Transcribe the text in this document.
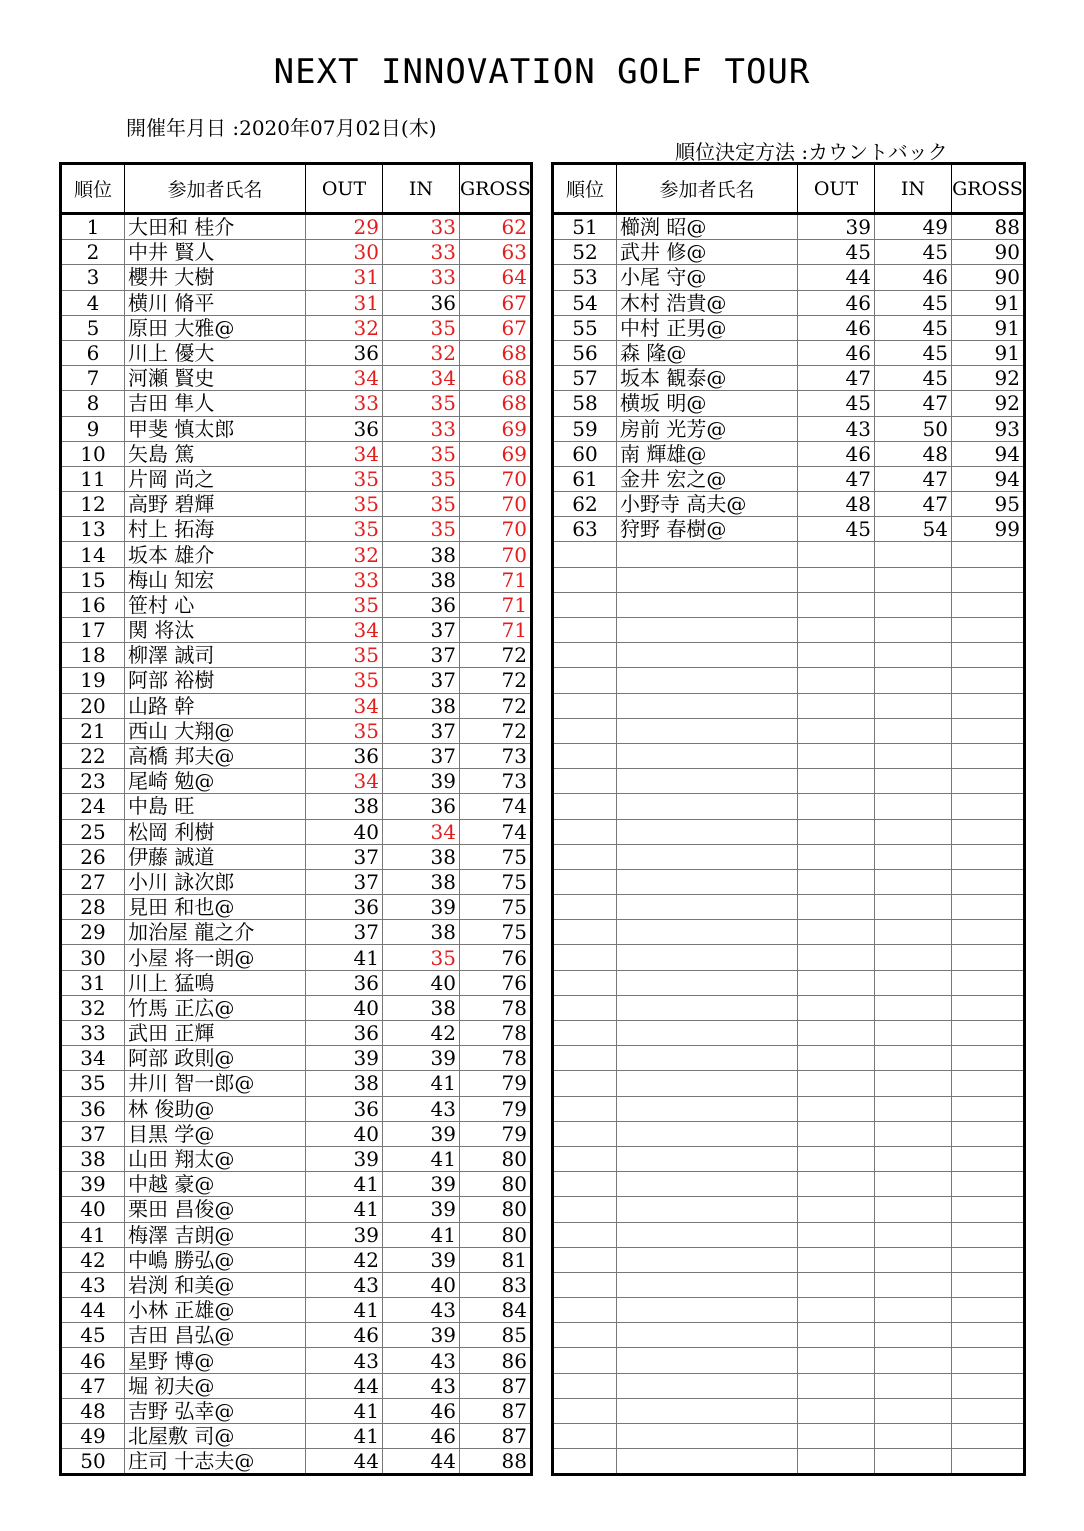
NEXT INNOVATION GOLF TOUR
開催年月日 :2020年07月02日(木)
順位決定方法 :カウントバック
順位	参加者氏名	OUT	IN	GROSS
1	大田和 桂介	29	33	62
2	中井 賢人	30	33	63
3	櫻井 大樹	31	33	64
4	横川 脩平	31	36	67
5	原田 大雅@	32	35	67
6	川上 優大	36	32	68
7	河瀬 賢史	34	34	68
8	吉田 隼人	33	35	68
9	甲斐 慎太郎	36	33	69
10	矢島 篤	34	35	69
11	片岡 尚之	35	35	70
12	高野 碧輝	35	35	70
13	村上 拓海	35	35	70
14	坂本 雄介	32	38	70
15	梅山 知宏	33	38	71
16	笹村 心	35	36	71
17	関 将汰	34	37	71
18	柳澤 誠司	35	37	72
19	阿部 裕樹	35	37	72
20	山路 幹	34	38	72
21	西山 大翔@	35	37	72
22	高橋 邦夫@	36	37	73
23	尾崎 勉@	34	39	73
24	中島 旺	38	36	74
25	松岡 利樹	40	34	74
26	伊藤 誠道	37	38	75
27	小川 詠次郎	37	38	75
28	見田 和也@	36	39	75
29	加治屋 龍之介	37	38	75
30	小屋 将一朗@	41	35	76
31	川上 猛鳴	36	40	76
32	竹馬 正広@	40	38	78
33	武田 正輝	36	42	78
34	阿部 政則@	39	39	78
35	井川 智一郎@	38	41	79
36	林 俊助@	36	43	79
37	目黒 学@	40	39	79
38	山田 翔太@	39	41	80
39	中越 豪@	41	39	80
40	栗田 昌俊@	41	39	80
41	梅澤 吉朗@	39	41	80
42	中嶋 勝弘@	42	39	81
43	岩渕 和美@	43	40	83
44	小林 正雄@	41	43	84
45	吉田 昌弘@	46	39	85
46	星野 博@	43	43	86
47	堀 初夫@	44	43	87
48	吉野 弘幸@	41	46	87
49	北屋敷 司@	41	46	87
50	庄司 十志夫@	44	44	88
順位	参加者氏名	OUT	IN	GROSS
51	櫛渕 昭@	39	49	88
52	武井 修@	45	45	90
53	小尾 守@	44	46	90
54	木村 浩貴@	46	45	91
55	中村 正男@	46	45	91
56	森 隆@	46	45	91
57	坂本 観泰@	47	45	92
58	横坂 明@	45	47	92
59	房前 光芳@	43	50	93
60	南 輝雄@	46	48	94
61	金井 宏之@	47	47	94
62	小野寺 高夫@	48	47	95
63	狩野 春樹@	45	54	99
